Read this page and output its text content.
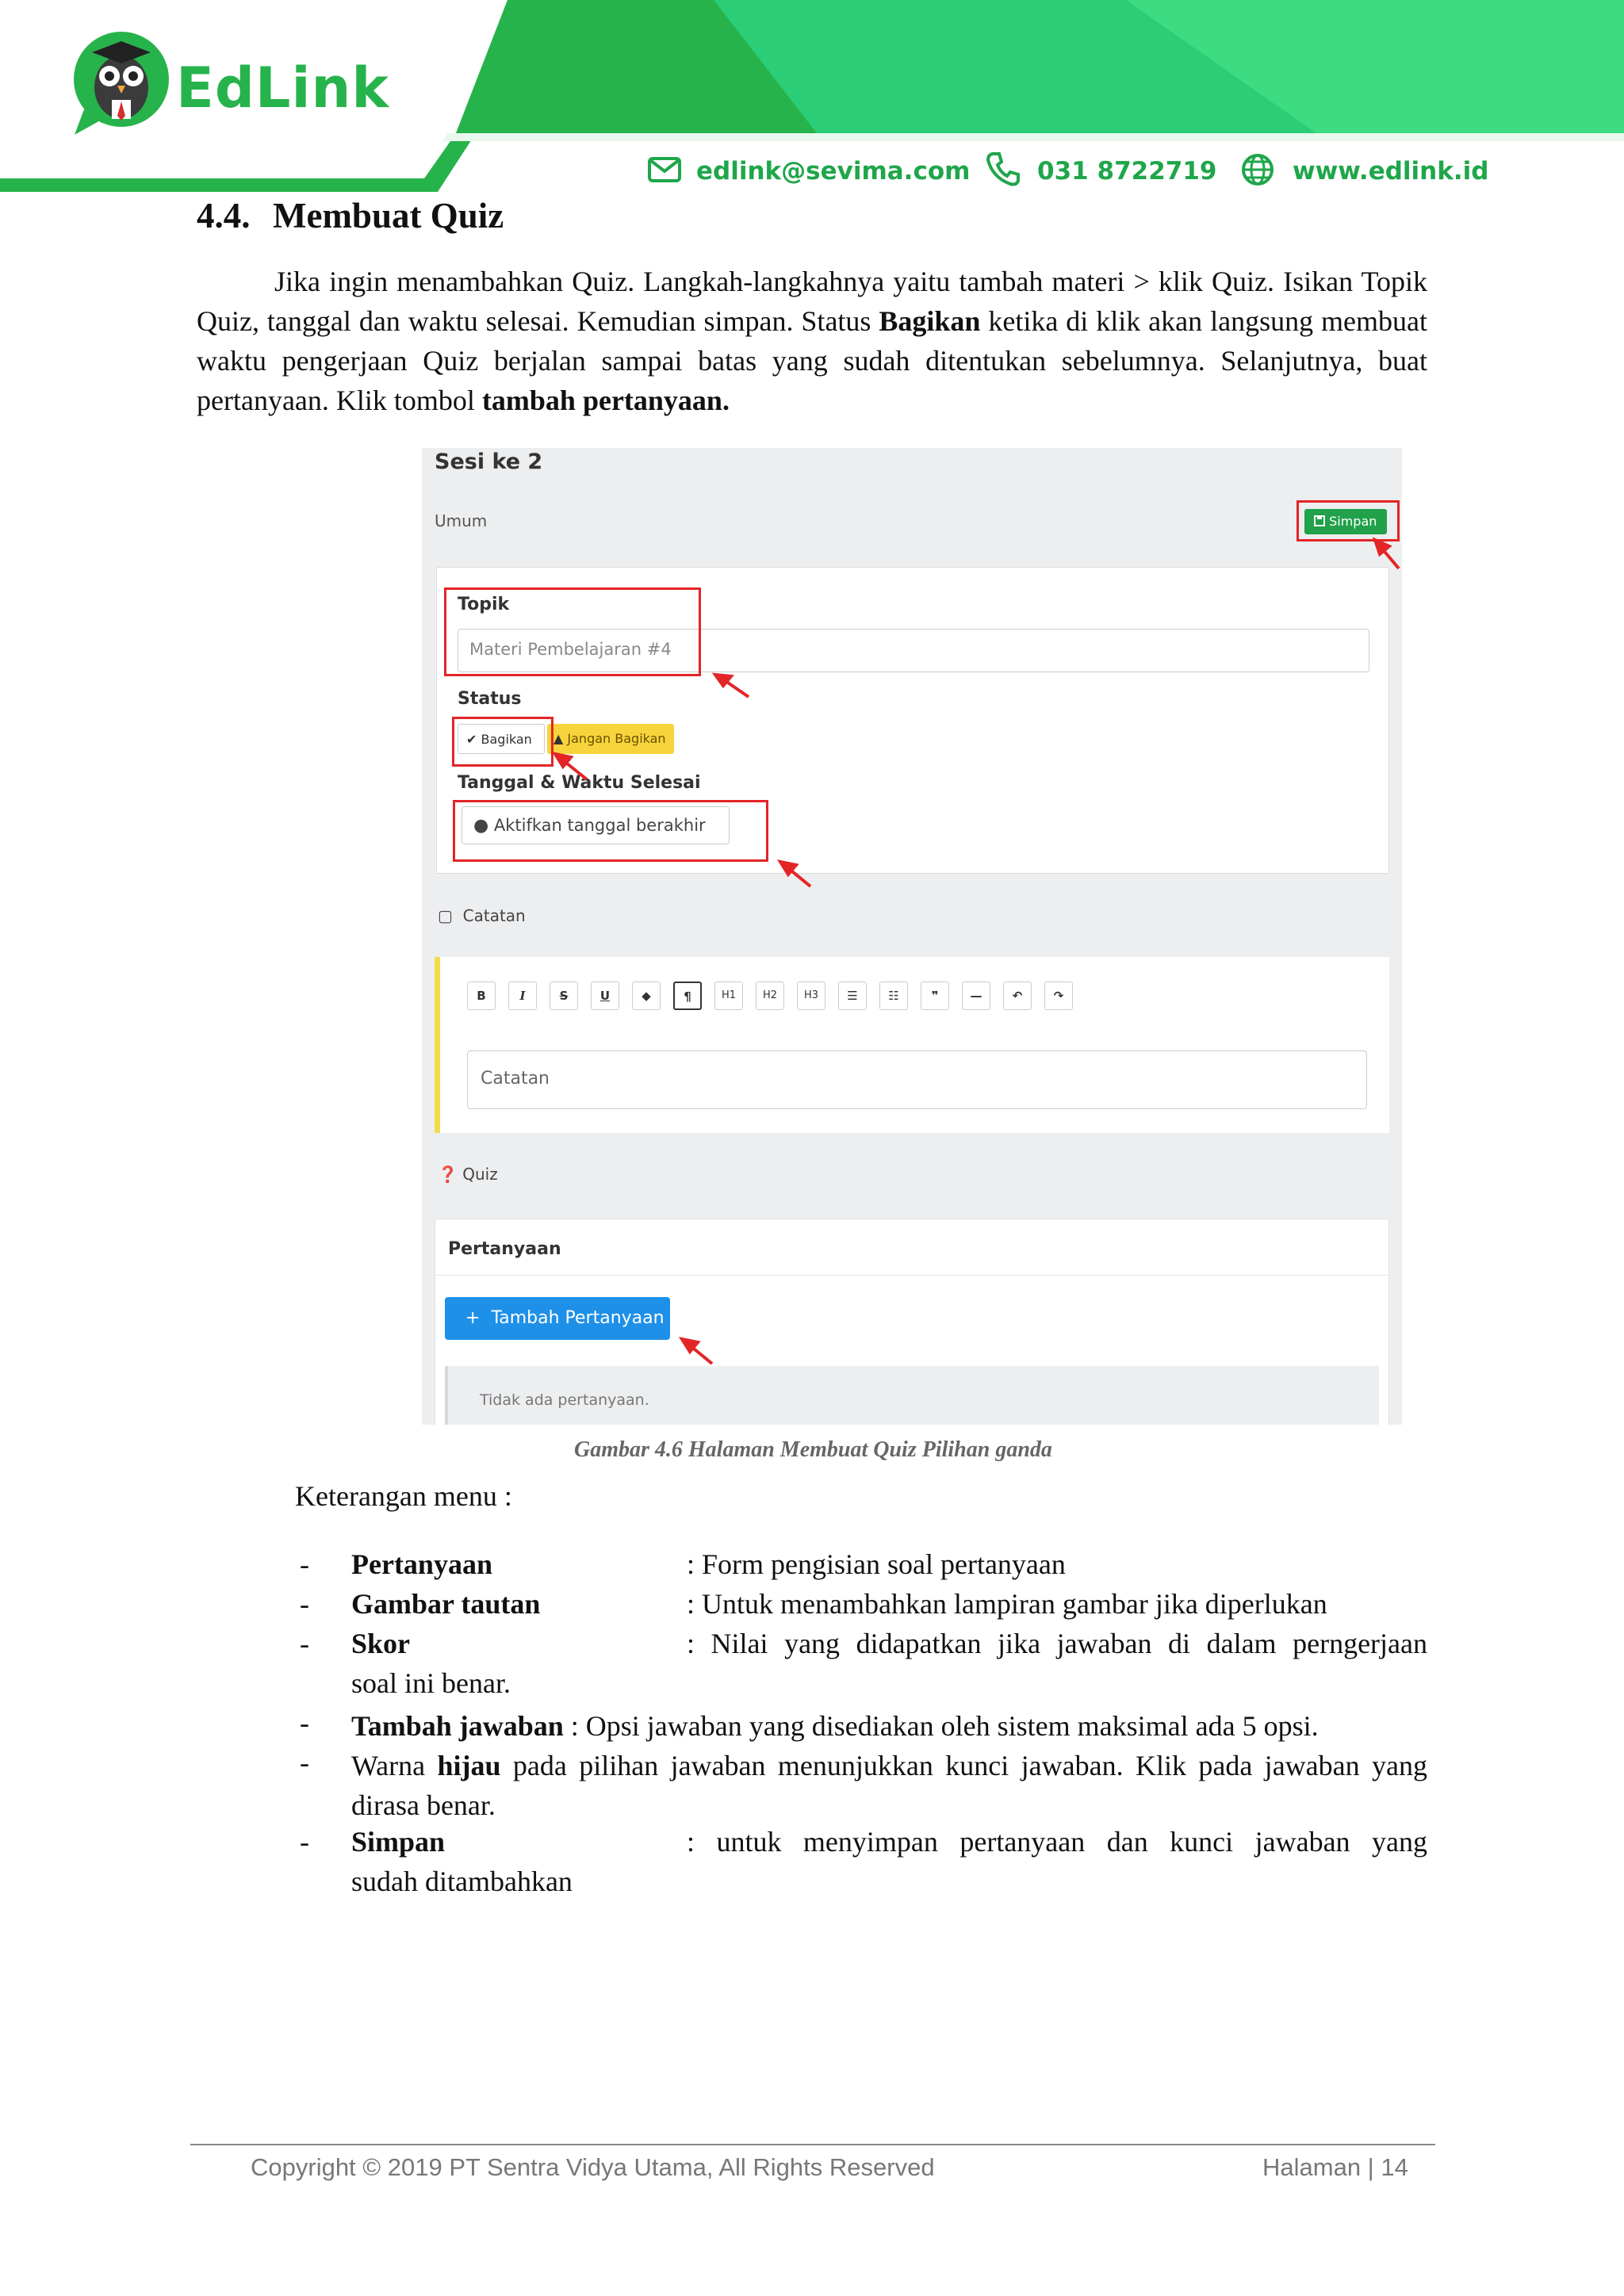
EdLink
edlink@sevima.com	031 8722719	www.edlink.id
4.4. Membuat Quiz

Jika ingin menambahkan Quiz. Langkah-langkahnya yaitu tambah materi > klik Quiz. Isikan Topik Quiz, tanggal dan waktu selesai. Kemudian simpan. Status Bagikan ketika di klik akan langsung membuat waktu pengerjaan Quiz berjalan sampai batas yang sudah ditentukan sebelumnya. Selanjutnya, buat pertanyaan. Klik tombol tambah pertanyaan.

Sesi ke 2
Umum	Simpan
Topik
Materi Pembelajaran #4
Status
✔ Bagikan	▲ Jangan Bagikan
Tanggal & Waktu Selesai
● Aktifkan tanggal berakhir
▢ Catatan
B	I	S	U	◆	¶	H1	H2	H3	☰	☷	❞	—	↶	↷
Catatan
❓ Quiz
Pertanyaan
+ Tambah Pertanyaan
Tidak ada pertanyaan.
Gambar 4.6 Halaman Membuat Quiz Pilihan ganda
Keterangan menu :
- Pertanyaan	: Form pengisian soal pertanyaan
- Gambar tautan	: Untuk menambahkan lampiran gambar jika diperlukan
- Skor	: Nilai yang didapatkan jika jawaban di dalam perngerjaan
soal ini benar.
- Tambah jawaban : Opsi jawaban yang disediakan oleh sistem maksimal ada 5 opsi.
- Warna hijau pada pilihan jawaban menunjukkan kunci jawaban. Klik pada jawaban yang dirasa benar.
- Simpan	: untuk menyimpan pertanyaan dan kunci jawaban yang
sudah ditambahkan
Copyright © 2019 PT Sentra Vidya Utama, All Rights Reserved	Halaman | 14
